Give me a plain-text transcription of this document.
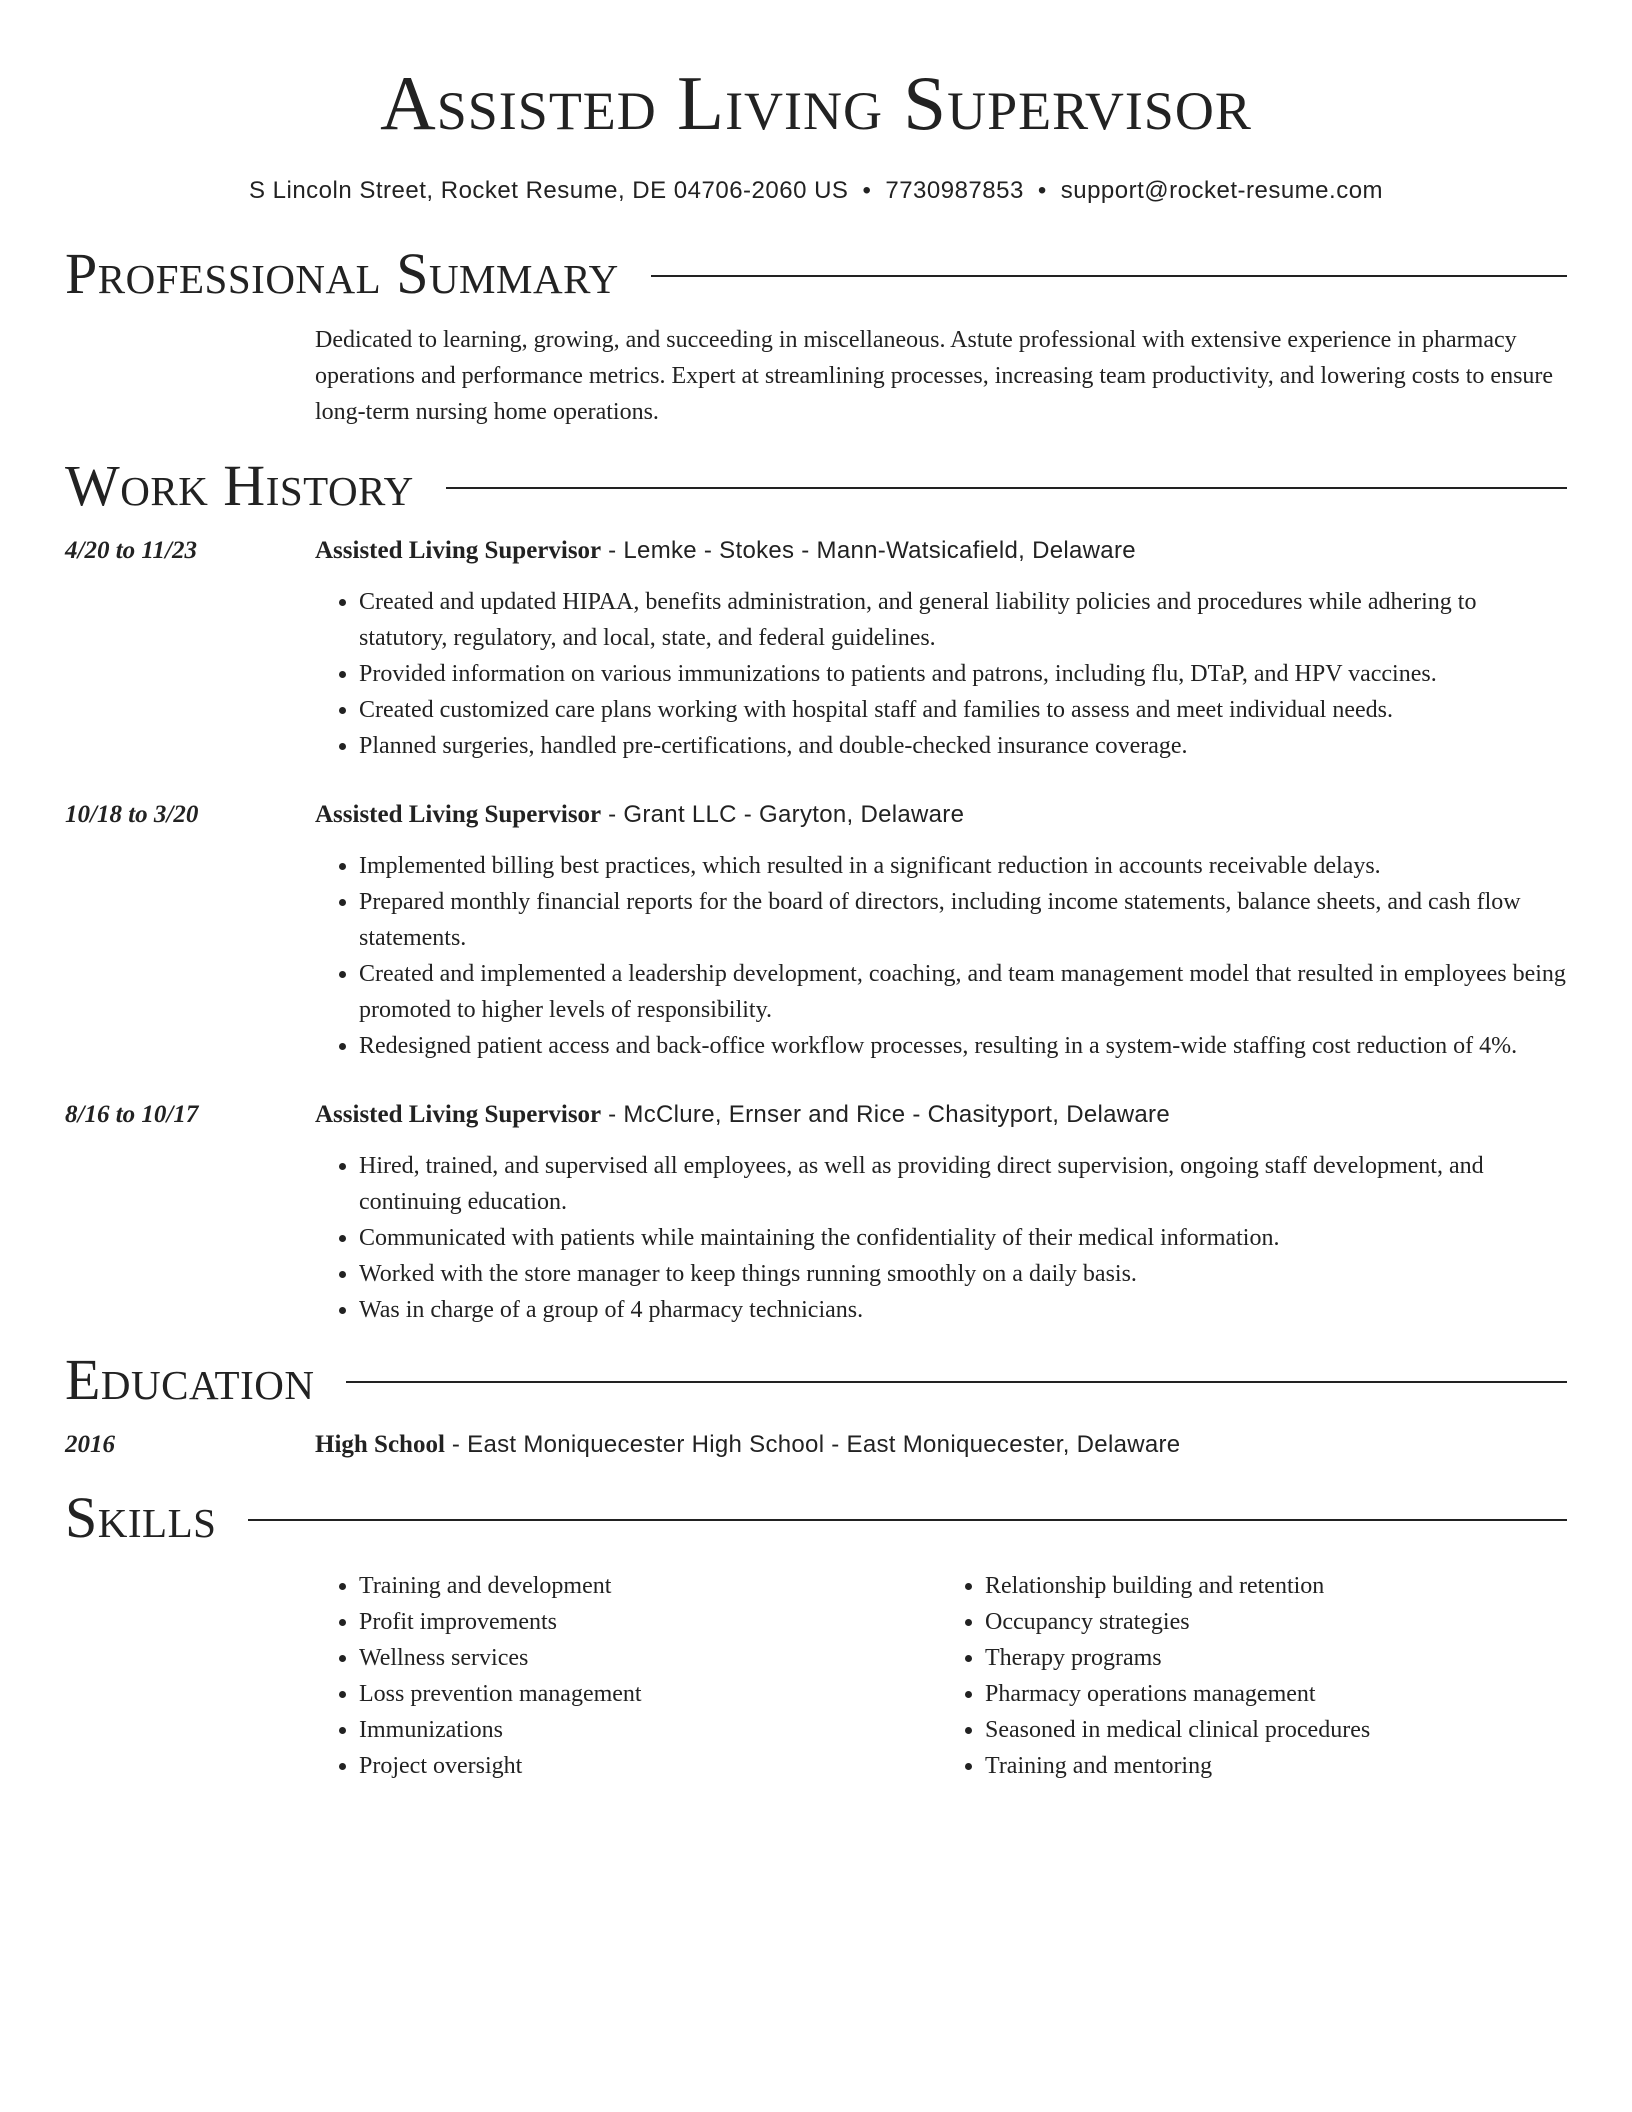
Assisted Living Supervisor
S Lincoln Street, Rocket Resume, DE 04706-2060 US • 7730987853 • support@rocket-resume.com
Professional Summary
Dedicated to learning, growing, and succeeding in miscellaneous. Astute professional with extensive experience in pharmacy operations and performance metrics. Expert at streamlining processes, increasing team productivity, and lowering costs to ensure long-term nursing home operations.
Work History
4/20 to 11/23	Assisted Living Supervisor - Lemke - Stokes - Mann-Watsicafield, Delaware
• Created and updated HIPAA, benefits administration, and general liability policies and procedures while adhering to statutory, regulatory, and local, state, and federal guidelines.
• Provided information on various immunizations to patients and patrons, including flu, DTaP, and HPV vaccines.
• Created customized care plans working with hospital staff and families to assess and meet individual needs.
• Planned surgeries, handled pre-certifications, and double-checked insurance coverage.
10/18 to 3/20	Assisted Living Supervisor - Grant LLC - Garyton, Delaware
• Implemented billing best practices, which resulted in a significant reduction in accounts receivable delays.
• Prepared monthly financial reports for the board of directors, including income statements, balance sheets, and cash flow statements.
• Created and implemented a leadership development, coaching, and team management model that resulted in employees being promoted to higher levels of responsibility.
• Redesigned patient access and back-office workflow processes, resulting in a system-wide staffing cost reduction of 4%.
8/16 to 10/17	Assisted Living Supervisor - McClure, Ernser and Rice - Chasityport, Delaware
• Hired, trained, and supervised all employees, as well as providing direct supervision, ongoing staff development, and continuing education.
• Communicated with patients while maintaining the confidentiality of their medical information.
• Worked with the store manager to keep things running smoothly on a daily basis.
• Was in charge of a group of 4 pharmacy technicians.
Education
2016	High School - East Moniquecester High School - East Moniquecester, Delaware
Skills
• Training and development
• Profit improvements
• Wellness services
• Loss prevention management
• Immunizations
• Project oversight
• Relationship building and retention
• Occupancy strategies
• Therapy programs
• Pharmacy operations management
• Seasoned in medical clinical procedures
• Training and mentoring
